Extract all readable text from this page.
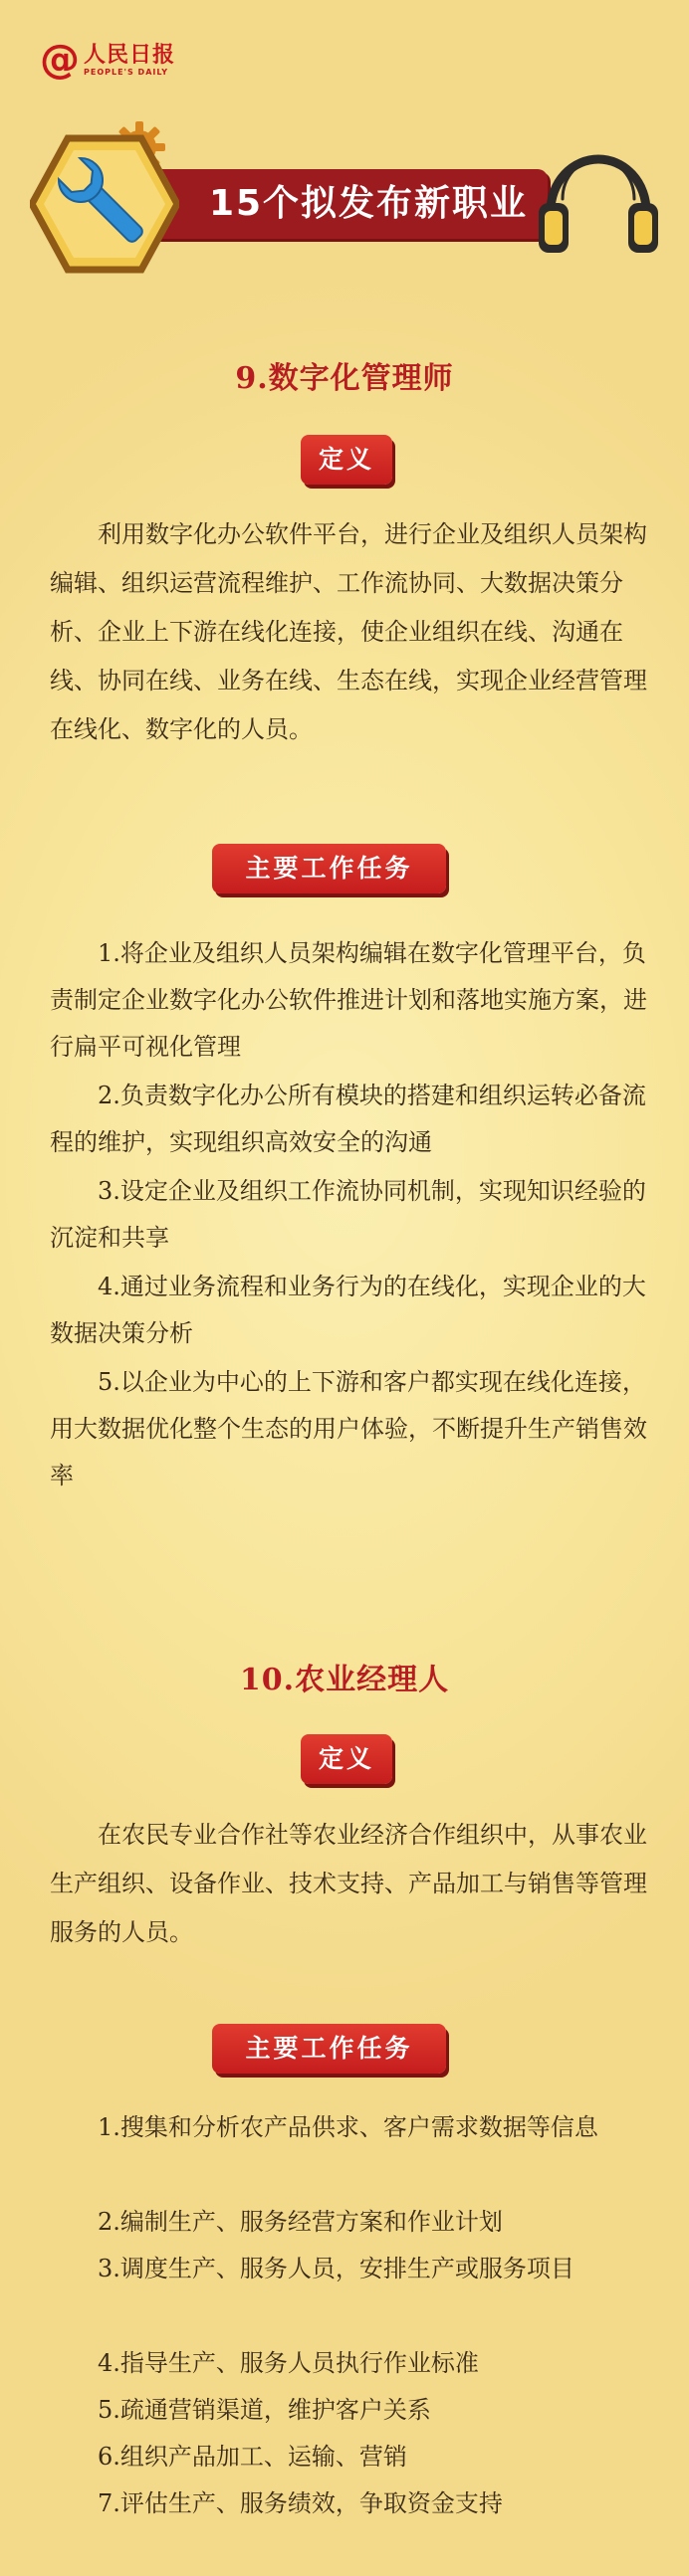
@ 人民日报
PEOPLE'S DAILY
15个拟发布新职业
9.数字化管理师
定义

利用数字化办公软件平台，进行企业及组织人员架构编辑、组织运营流程维护、工作流协同、大数据决策分析、企业上下游在线化连接，使企业组织在线、沟通在线、协同在线、业务在线、生态在线，实现企业经营管理在线化、数字化的人员。

主要工作任务

1.将企业及组织人员架构编辑在数字化管理平台，负责制定企业数字化办公软件推进计划和落地实施方案，进行扁平可视化管理

2.负责数字化办公所有模块的搭建和组织运转必备流程的维护，实现组织高效安全的沟通

3.设定企业及组织工作流协同机制，实现知识经验的沉淀和共享

4.通过业务流程和业务行为的在线化，实现企业的大数据决策分析

5.以企业为中心的上下游和客户都实现在线化连接，用大数据优化整个生态的用户体验，不断提升生产销售效率

10.农业经理人
定义

在农民专业合作社等农业经济合作组织中，从事农业生产组织、设备作业、技术支持、产品加工与销售等管理服务的人员。

主要工作任务

1.搜集和分析农产品供求、客户需求数据等信息

2.编制生产、服务经营方案和作业计划

3.调度生产、服务人员，安排生产或服务项目

4.指导生产、服务人员执行作业标准

5.疏通营销渠道，维护客户关系

6.组织产品加工、运输、营销

7.评估生产、服务绩效，争取资金支持
